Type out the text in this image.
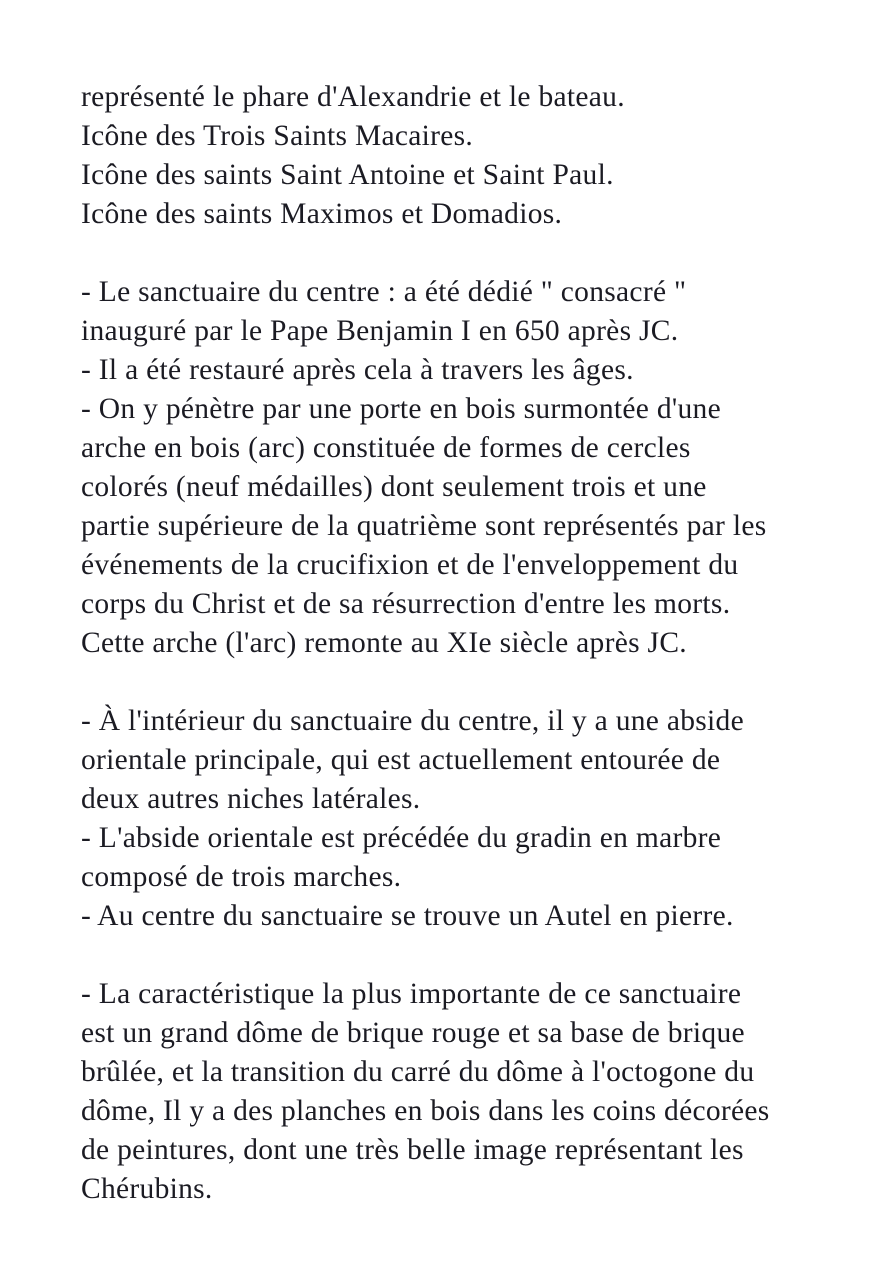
représenté le phare d'Alexandrie et le bateau.
Icône des Trois Saints Macaires.
Icône des saints Saint Antoine et Saint Paul.
Icône des saints Maximos et Domadios.

- Le sanctuaire du centre : a été dédié " consacré "
inauguré par le Pape Benjamin I en 650 après JC.
- Il a été restauré après cela à travers les âges.
- On y pénètre par une porte en bois surmontée d'une
arche en bois (arc) constituée de formes de cercles
colorés (neuf médailles) dont seulement trois et une
partie supérieure de la quatrième sont représentés par les
événements de la crucifixion et de l'enveloppement du
corps du Christ et de sa résurrection d'entre les morts.
Cette arche (l'arc) remonte au XIe siècle après JC.

- À l'intérieur du sanctuaire du centre, il y a une abside
orientale principale, qui est actuellement entourée de
deux autres niches latérales.
- L'abside orientale est précédée du gradin en marbre
composé de trois marches.
- Au centre du sanctuaire se trouve un Autel en pierre.

- La caractéristique la plus importante de ce sanctuaire
est un grand dôme de brique rouge et sa base de brique
brûlée, et la transition du carré du dôme à l'octogone du
dôme, Il y a des planches en bois dans les coins décorées
de peintures, dont une très belle image représentant les
Chérubins.
